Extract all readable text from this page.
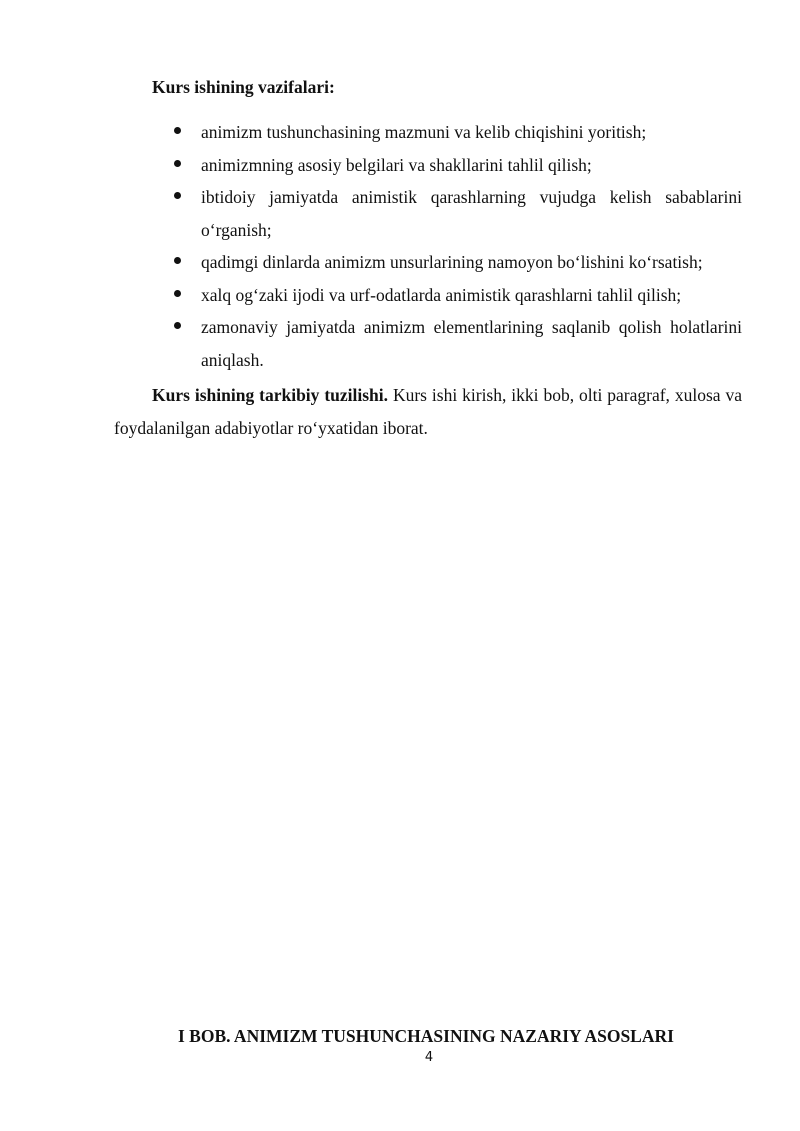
Kurs ishining vazifalari:
animizm tushunchasining mazmuni va kelib chiqishini yoritish;
animizmning asosiy belgilari va shakllarini tahlil qilish;
ibtidoiy jamiyatda animistik qarashlarning vujudga kelish sabablarini o‘rganish;
qadimgi dinlarda animizm unsurlarining namoyon bo‘lishini ko‘rsatish;
xalq og‘zaki ijodi va urf-odatlarda animistik qarashlarni tahlil qilish;
zamonaviy jamiyatda animizm elementlarining saqlanib qolish holatlarini aniqlash.

Kurs ishining tarkibiy tuzilishi. Kurs ishi kirish, ikki bob, olti paragraf, xulosa va foydalanilgan adabiyotlar ro‘yxatidan iborat.

I BOB. ANIMIZM TUSHUNCHASINING NAZARIY ASOSLARI
4
